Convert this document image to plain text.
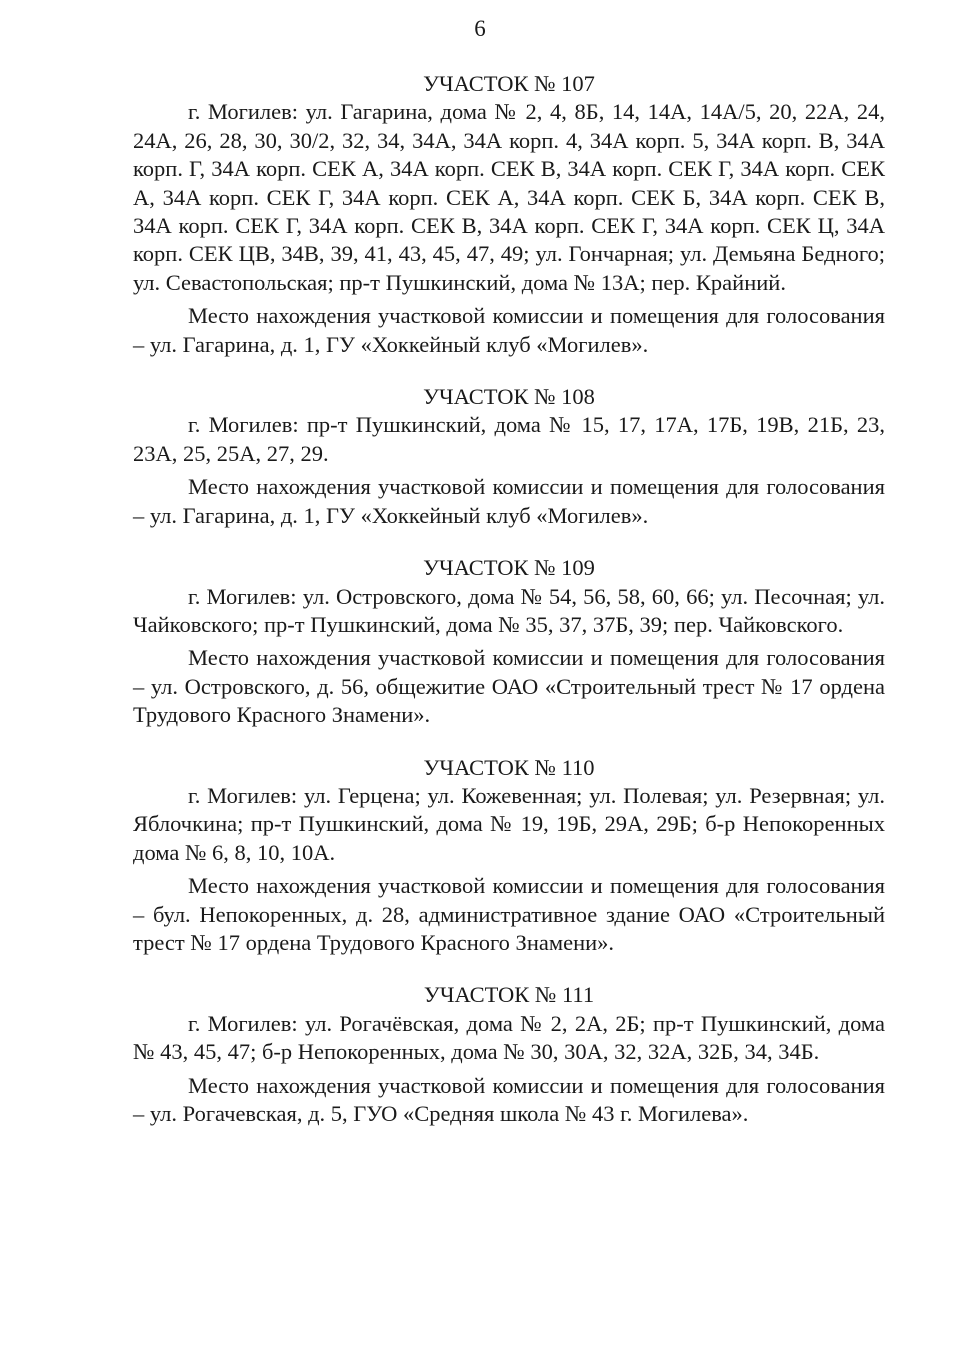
6
УЧАСТОК № 107

г. Могилев: ул. Гагарина, дома № 2, 4, 8Б, 14, 14А, 14А/5, 20, 22А, 24, 24А, 26, 28, 30, 30/2, 32, 34, 34А, 34А корп. 4, 34А корп. 5, 34А корп. В, 34А корп. Г, 34А корп. СЕК А, 34А корп. СЕК В, 34А корп. СЕК Г, 34А корп. СЕК А, 34А корп. СЕК Г, 34А корп. СЕК А, 34А корп. СЕК Б, 34А корп. СЕК В, 34А корп. СЕК Г, 34А корп. СЕК В, 34А корп. СЕК Г, 34А корп. СЕК Ц, 34А корп. СЕК ЦВ, 34В, 39, 41, 43, 45, 47, 49; ул. Гончарная; ул. Демьяна Бедного; ул. Севастопольская; пр-т Пушкинский, дома № 13А; пер. Крайний.

Место нахождения участковой комиссии и помещения для голосования – ул. Гагарина, д. 1, ГУ «Хоккейный клуб «Могилев».

УЧАСТОК № 108

г. Могилев: пр-т Пушкинский, дома № 15, 17, 17А, 17Б, 19В, 21Б, 23, 23А, 25, 25А, 27, 29.

Место нахождения участковой комиссии и помещения для голосования – ул. Гагарина, д. 1, ГУ «Хоккейный клуб «Могилев».

УЧАСТОК № 109

г. Могилев: ул. Островского, дома № 54, 56, 58, 60, 66; ул. Песочная; ул. Чайковского; пр-т Пушкинский, дома № 35, 37, 37Б, 39; пер. Чайковского.

Место нахождения участковой комиссии и помещения для голосования – ул. Островского, д. 56, общежитие ОАО «Строительный трест № 17 ордена Трудового Красного Знамени».

УЧАСТОК № 110

г. Могилев: ул. Герцена; ул. Кожевенная; ул. Полевая; ул. Резервная; ул. Яблочкина; пр-т Пушкинский, дома № 19, 19Б, 29А, 29Б; б-р Непокоренных дома № 6, 8, 10, 10А.

Место нахождения участковой комиссии и помещения для голосования – бул. Непокоренных, д. 28, административное здание ОАО «Строительный трест № 17 ордена Трудового Красного Знамени».

УЧАСТОК № 111

г. Могилев: ул. Рогачёвская, дома № 2, 2А, 2Б; пр-т Пушкинский, дома № 43, 45, 47; б-р Непокоренных, дома № 30, 30А, 32, 32А, 32Б, 34, 34Б.

Место нахождения участковой комиссии и помещения для голосования – ул. Рогачевская, д. 5, ГУО «Средняя школа № 43 г. Могилева».
